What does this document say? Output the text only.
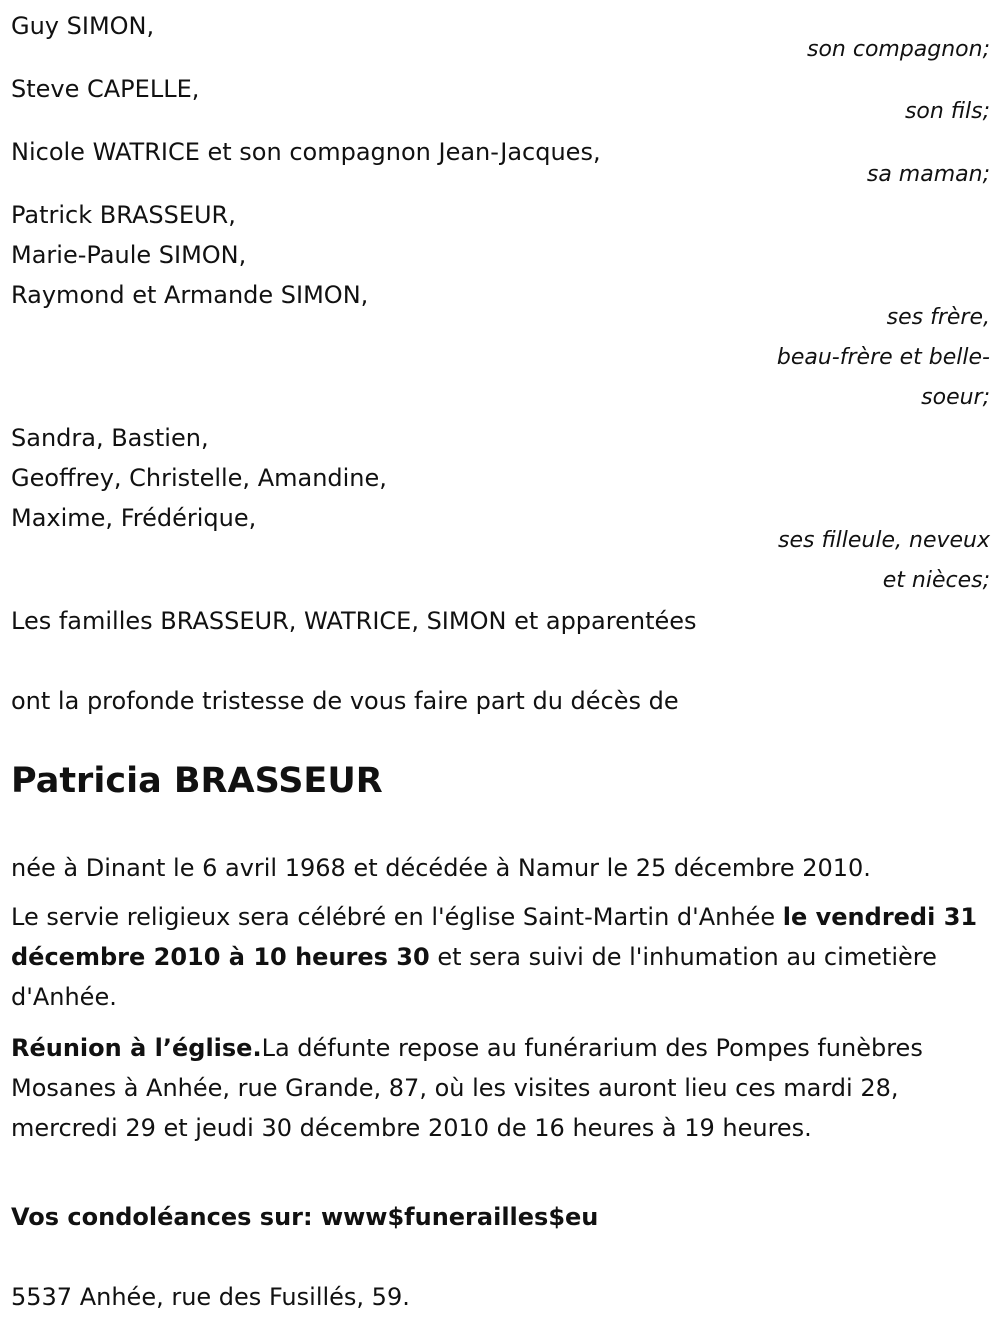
Guy SIMON,
son compagnon;
Steve CAPELLE,
son fils;
Nicole WATRICE et son compagnon Jean-Jacques,
sa maman;
Patrick BRASSEUR,
Marie-Paule SIMON,
Raymond et Armande SIMON,
ses frère,
beau-frère et belle-
soeur;
Sandra, Bastien,
Geoffrey, Christelle, Amandine,
Maxime, Frédérique,
ses filleule, neveux
et nièces;
Les familles BRASSEUR, WATRICE, SIMON et apparentées
ont la profonde tristesse de vous faire part du décès de
Patricia BRASSEUR
née à Dinant le 6 avril 1968 et décédée à Namur le 25 décembre 2010.

Le servie religieux sera célébré en l'église Saint-Martin d'Anhée le vendredi 31 décembre 2010 à 10 heures 30 et sera suivi de l'inhumation au cimetière d'Anhée.

Réunion à l’église.La défunte repose au funérarium des Pompes funèbres Mosanes à Anhée, rue Grande, 87, où les visites auront lieu ces mardi 28, mercredi 29 et jeudi 30 décembre 2010 de 16 heures à 19 heures.

Vos condoléances sur: www$funerailles$eu
5537 Anhée, rue des Fusillés, 59.
